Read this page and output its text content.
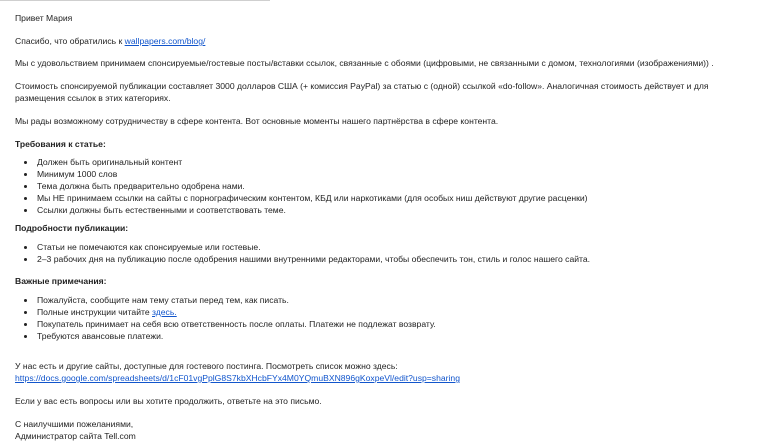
Привет Мария
Спасибо, что обратились к wallpapers.com/blog/
Мы с удовольствием принимаем спонсируемые/гостевые посты/вставки ссылок, связанные с обоями (цифровыми, не связанными с домом, технологиями (изображениями)) .
Стоимость спонсируемой публикации составляет 3000 долларов США (+ комиссия PayPal) за статью с (одной) ссылкой «do-follow». Аналогичная стоимость действует и для размещения ссылок в этих категориях.
Мы рады возможному сотрудничеству в сфере контента. Вот основные моменты нашего партнёрства в сфере контента.
Требования к статье:
Должен быть оригинальный контент
Минимум 1000 слов
Тема должна быть предварительно одобрена нами.
Мы НЕ принимаем ссылки на сайты с порнографическим контентом, КБД или наркотиками (для особых ниш действуют другие расценки)
Ссылки должны быть естественными и соответствовать теме.
Подробности публикации:
Статьи не помечаются как спонсируемые или гостевые.
2–3 рабочих дня на публикацию после одобрения нашими внутренними редакторами, чтобы обеспечить тон, стиль и голос нашего сайта.
Важные примечания:
Пожалуйста, сообщите нам тему статьи перед тем, как писать.
Полные инструкции читайте здесь.
Покупатель принимает на себя всю ответственность после оплаты. Платежи не подлежат возврату.
Требуются авансовые платежи.
У нас есть и другие сайты, доступные для гостевого постинга. Посмотреть список можно здесь:
https://docs.google.com/spreadsheets/d/1cF01vgPplG8S7kbXHcbFYx4M0YQmuBXN896gKoxpeVl/edit?usp=sharing
Если у вас есть вопросы или вы хотите продолжить, ответьте на это письмо.
С наилучшими пожеланиями,
Администратор сайта Tell.com
